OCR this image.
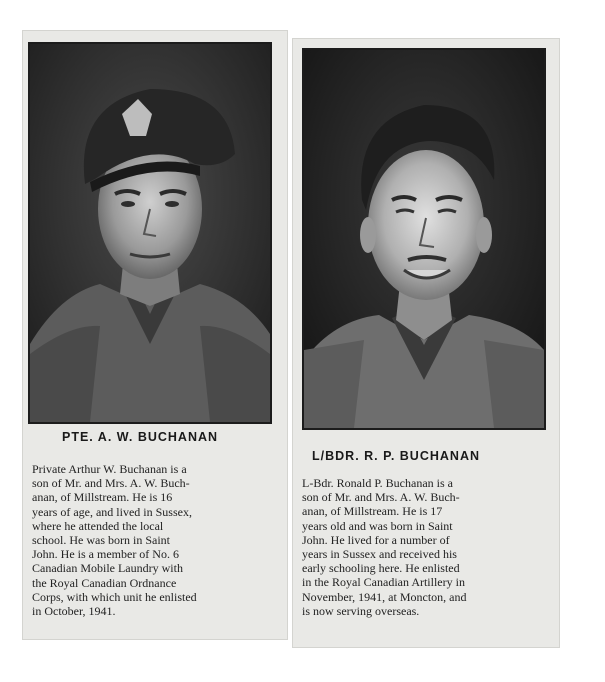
PTE. A. W. BUCHANAN
Private Arthur W. Buchanan is a
son of Mr. and Mrs. A. W. Buch-
anan, of Millstream. He is 16
years of age, and lived in Sussex,
where he attended the local
school. He was born in Saint
John. He is a member of No. 6
Canadian Mobile Laundry with
the Royal Canadian Ordnance
Corps, with which unit he enlisted
in October, 1941.
L/BDR. R. P. BUCHANAN
L-Bdr. Ronald P. Buchanan is a
son of Mr. and Mrs. A. W. Buch-
anan, of Millstream. He is 17
years old and was born in Saint
John. He lived for a number of
years in Sussex and received his
early schooling here. He enlisted
in the Royal Canadian Artillery in
November, 1941, at Moncton, and
is now serving overseas.
